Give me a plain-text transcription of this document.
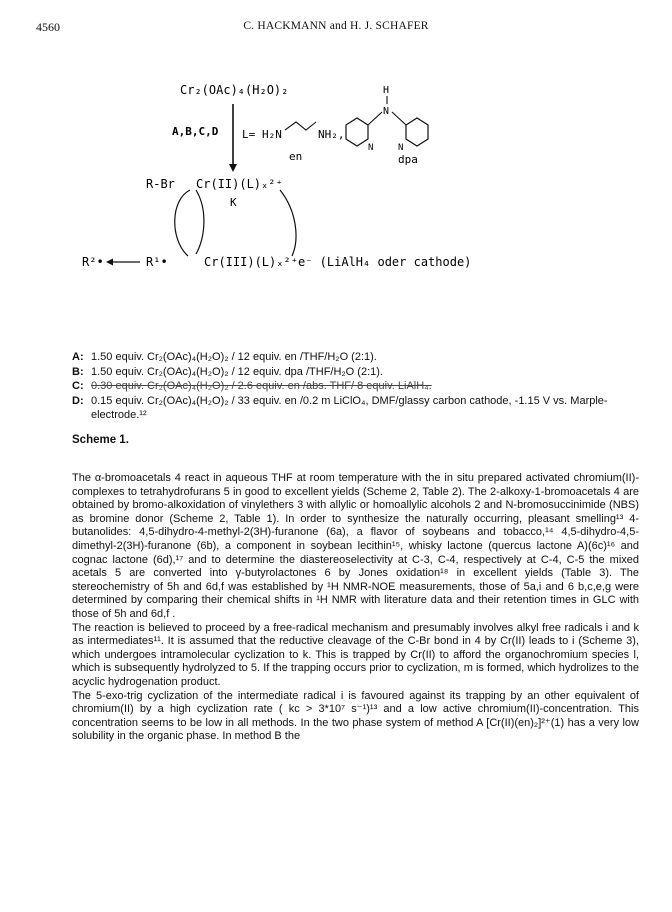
4560	C. HACKMANN and H. J. SCHAFER
Cr₂(OAc)₄(H₂O)₂
A,B,C,D L= H₂N	NH₂,
en
H
N
N	N
dpa
R-Br Cr(II)(L)ₓ²⁺
K
R²•	R¹•	Cr(III)(L)ₓ²⁺ e⁻ (LiAlH₄ oder cathode)
A: 1.50 equiv. Cr₂(OAc)₄(H₂O)₂ / 12 equiv. en /THF/H₂O (2:1).
B: 1.50 equiv. Cr₂(OAc)₄(H₂O)₂ / 12 equiv. dpa /THF/H₂O (2:1).
C: 0.30 equiv. Cr₂(OAc)₄(H₂O)₂ / 2.6 equiv. en /abs. THF/ 8 equiv. LiAlH₄.
D: 0.15 equiv. Cr₂(OAc)₄(H₂O)₂ / 33 equiv. en /0.2 m LiClO₄, DMF/glassy carbon cathode, -1.15 V vs. Marple-electrode.¹²
Scheme 1.

The α-bromoacetals 4 react in aqueous THF at room temperature with the in situ prepared activated chromium(II)-complexes to tetrahydrofurans 5 in good to excellent yields (Scheme 2, Table 2). The 2-alkoxy-1-bromoacetals 4 are obtained by bromo-alkoxidation of vinylethers 3 with allylic or homoallylic alcohols 2 and N-bromosuccinimide (NBS) as bromine donor (Scheme 2, Table 1). In order to synthesize the naturally occurring, pleasant smelling¹³ 4-butanolides: 4,5-dihydro-4-methyl-2(3H)-furanone (6a), a flavor of soybeans and tobacco,¹⁴ 4,5-dihydro-4,5-dimethyl-2(3H)-furanone (6b), a component in soybean lecithin¹⁵, whisky lactone (quercus lactone A)(6c)¹⁶ and cognac lactone (6d),¹⁷ and to determine the diastereoselectivity at C-3, C-4, respectively at C-4, C-5 the mixed acetals 5 are converted into γ-butyrolactones 6 by Jones oxidation¹⁸ in excellent yields (Table 3). The stereochemistry of 5h and 6d,f was established by ¹H NMR-NOE measurements, those of 5a,i and 6 b,c,e,g were determined by comparing their chemical shifts in ¹H NMR with literature data and their retention times in GLC with those of 5h and 6d,f .

The reaction is believed to proceed by a free-radical mechanism and presumably involves alkyl free radicals i and k as intermediates¹¹. It is assumed that the reductive cleavage of the C-Br bond in 4 by Cr(II) leads to i (Scheme 3), which undergoes intramolecular cyclization to k. This is trapped by Cr(II) to afford the organochromium species l, which is subsequently hydrolyzed to 5. If the trapping occurs prior to cyclization, m is formed, which hydrolizes to the acyclic hydrogenation product.

The 5-exo-trig cyclization of the intermediate radical i is favoured against its trapping by an other equivalent of chromium(II) by a high cyclization rate ( kc > 3*10⁷ s⁻¹)¹³ and a low active chromium(II)-concentration. This concentration seems to be low in all methods. In the two phase system of method A [Cr(II)(en)₂]²⁺(1) has a very low solubility in the organic phase. In method B the
